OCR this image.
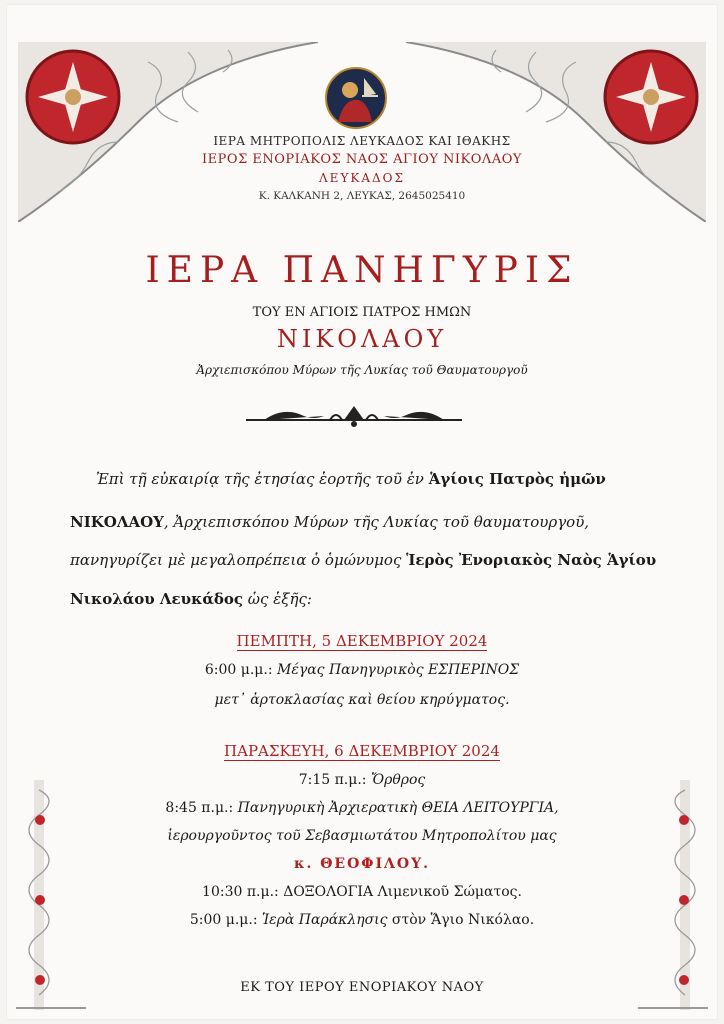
ΙΕΡΑ ΜΗΤΡΟΠΟΛΙΣ ΛΕΥΚΑΔΟΣ ΚΑΙ ΙΘΑΚΗΣ
ΙΕΡΟΣ ΕΝΟΡΙΑΚΟΣ ΝΑΟΣ ΑΓΙΟΥ ΝΙΚΟΛΑΟΥ
ΛΕΥΚΑΔΟΣ
Κ. ΚΑΛΚΑΝΗ 2, ΛΕΥΚΑΣ, 2645025410
ΙΕΡΑ ΠΑΝΗΓΥΡΙΣ
ΤΟΥ ΕΝ ΑΓΙΟΙΣ ΠΑΤΡΟΣ ΗΜΩΝ
ΝΙΚΟΛΑΟΥ
Ἀρχιεπισκόπου Μύρων τῆς Λυκίας τοῦ Θαυματουργοῦ
Ἐπὶ τῇ εὐκαιρίᾳ τῆς ἐτησίας ἑορτῆς τοῦ ἐν Ἁγίοις Πατρὸς ἡμῶν
ΝΙΚΟΛΑΟΥ, Ἀρχιεπισκόπου Μύρων τῆς Λυκίας τοῦ θαυματουργοῦ,
πανηγυρίζει μὲ μεγαλοπρέπεια ὁ ὁμώνυμος Ἱερὸς Ἐνοριακὸς Ναὸς Ἁγίου
Νικολάου Λευκάδος ὡς ἑξῆς:
ΠΕΜΠΤΗ, 5 ΔΕΚΕΜΒΡΙΟΥ 2024
6:00 μ.μ.: Μέγας Πανηγυρικὸς ΕΣΠΕΡΙΝΟΣ
μετ᾽ ἀρτοκλασίας καὶ θείου κηρύγματος.
ΠΑΡΑΣΚΕΥΗ, 6 ΔΕΚΕΜΒΡΙΟΥ 2024
7:15 π.μ.: Ὄρθρος
8:45 π.μ.: Πανηγυρικὴ Ἀρχιερατικὴ ΘΕΙΑ ΛΕΙΤΟΥΡΓΙΑ,
ἱερουργοῦντος τοῦ Σεβασμιωτάτου Μητροπολίτου μας
κ. ΘΕΟΦΙΛΟΥ.
10:30 π.μ.: ΔΟΞΟΛΟΓΙΑ Λιμενικοῦ Σώματος.
5:00 μ.μ.: Ἱερὰ Παράκλησις στὸν Ἅγιο Νικόλαο.
ΕΚ ΤΟΥ ΙΕΡΟΥ ΕΝΟΡΙΑΚΟΥ ΝΑΟΥ
